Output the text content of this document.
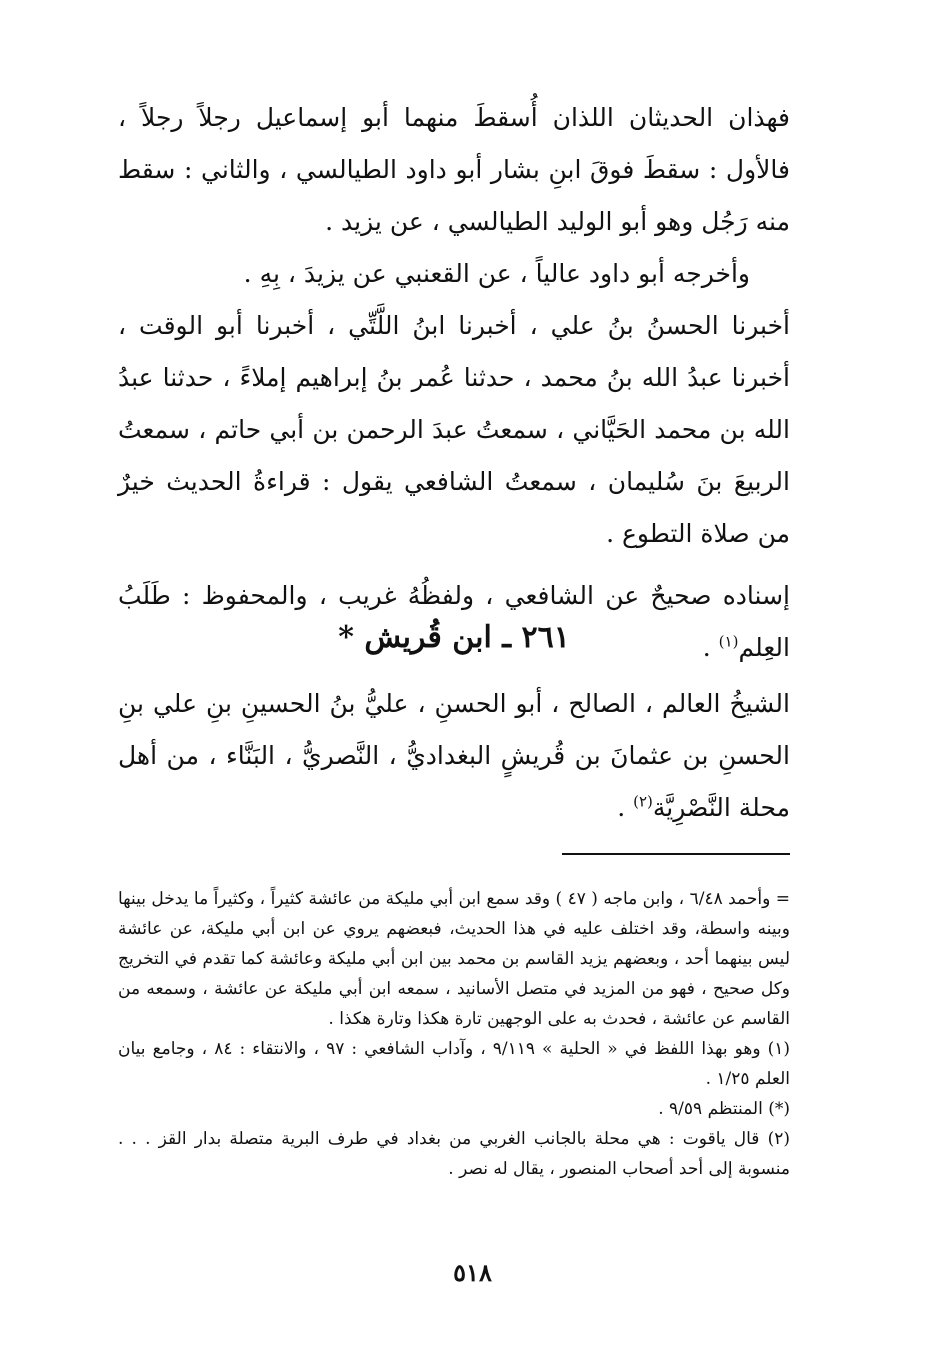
فهذان الحديثان اللذان أُسقطَ منهما أبو إسماعيل رجلاً رجلاً ، فالأول : سقطَ فوقَ ابنِ بشار أبو داود الطيالسي ، والثاني : سقط منه رَجُل وهو أبو الوليد الطيالسي ، عن يزيد .

وأخرجه أبو داود عالياً ، عن القعنبي عن يزيدَ ، بِهِ .

أخبرنا الحسنُ بنُ علي ، أخبرنا ابنُ اللَّتِّي ، أخبرنا أبو الوقت ، أخبرنا عبدُ الله بنُ محمد ، حدثنا عُمر بنُ إبراهيم إملاءً ، حدثنا عبدُ الله بن محمد الحَيَّاني ، سمعتُ عبدَ الرحمن بن أبي حاتم ، سمعتُ الربيعَ بنَ سُليمان ، سمعتُ الشافعي يقول : قراءةُ الحديث خيرٌ من صلاة التطوع .

إسناده صحيحٌ عن الشافعي ، ولفظُهُ غريب ، والمحفوظ : طَلَبُ العِلم$^{(١)}$ .

٢٦١ ـ ابن قُريش *

الشيخُ العالم ، الصالح ، أبو الحسنِ ، عليُّ بنُ الحسينِ بنِ علي بنِ الحسنِ بن عثمانَ بن قُريشٍ البغداديُّ ، النَّصريُّ ، البَنَّاء ، من أهل محلة النَّصْرِيَّة$^{(٢)}$ .

= وأحمد ٦/٤٨ ، وابن ماجه ( ٤٧ ) وقد سمع ابن أبي مليكة من عائشة كثيراً ، وكثيراً ما يدخل بينها وبينه واسطة، وقد اختلف عليه في هذا الحديث، فبعضهم يروي عن ابن أبي مليكة، عن عائشة ليس بينهما أحد ، وبعضهم يزيد القاسم بن محمد بين ابن أبي مليكة وعائشة كما تقدم في التخريج وكل صحيح ، فهو من المزيد في متصل الأسانيد ، سمعه ابن أبي مليكة عن عائشة ، وسمعه من القاسم عن عائشة ، فحدث به على الوجهين تارة هكذا وتارة هكذا .

(١) وهو بهذا اللفظ في « الحلية » ٩/١١٩ ، وآداب الشافعي : ٩٧ ، والانتقاء : ٨٤ ، وجامع بيان العلم ١/٢٥ .

(*) المنتظم ٩/٥٩ .

(٢) قال ياقوت : هي محلة بالجانب الغربي من بغداد في طرف البرية متصلة بدار القز . . . منسوبة إلى أحد أصحاب المنصور ، يقال له نصر .

٥١٨
